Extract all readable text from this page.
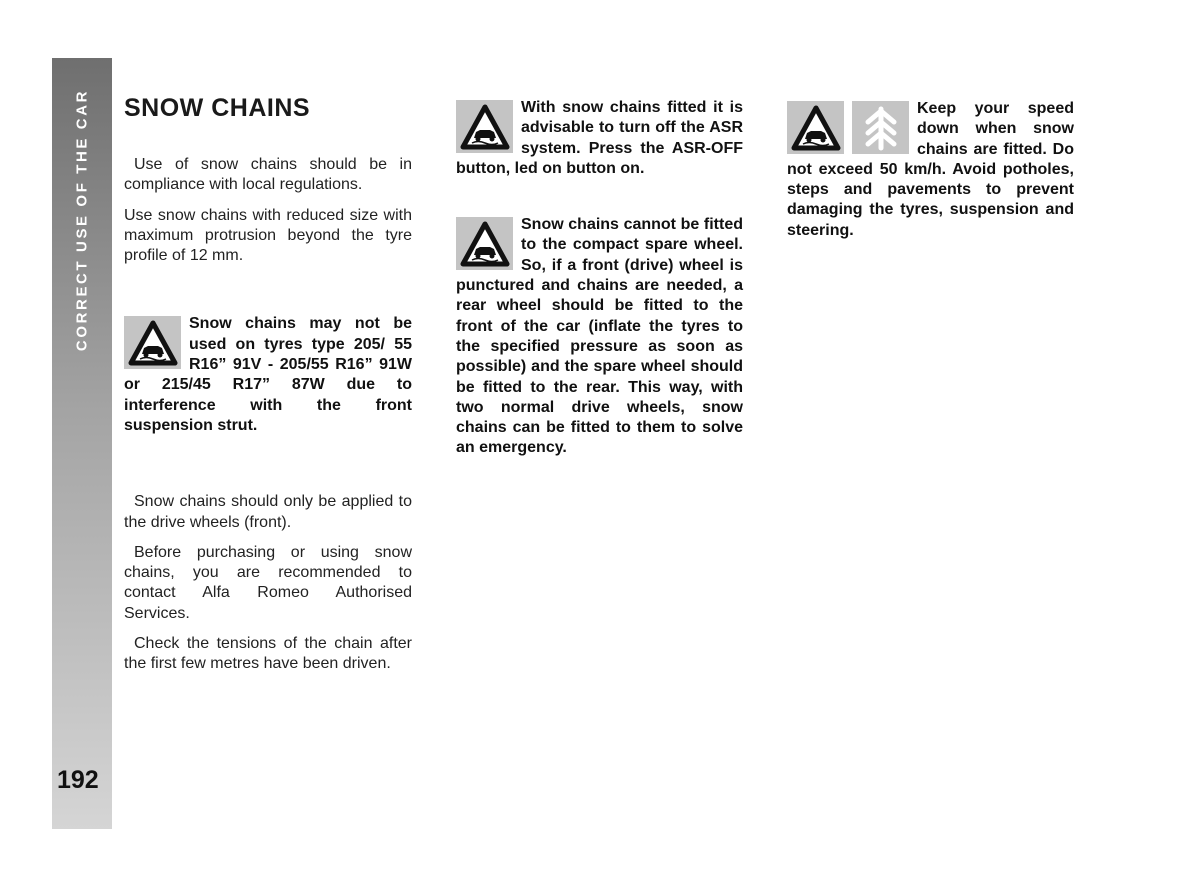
CORRECT USE OF THE CAR
192
SNOW CHAINS

Use of snow chains should be in compliance with local regulations.

Use snow chains with reduced size with maximum protrusion beyond the tyre profile of 12 mm.

Snow chains may not be used on tyres type 205/ 55 R16” 91V - 205/55 R16” 91W or 215/45 R17” 87W due to interference with the front suspension strut.

Snow chains should only be applied to the drive wheels (front).

Before purchasing or using snow chains, you are recommended to contact Alfa Romeo Authorised Services.

Check the tensions of the chain after the first few metres have been driven.

With snow chains fitted it is advisable to turn off the ASR system. Press the ASR-OFF button, led on button on.

Snow chains cannot be fitted to the compact spare wheel. So, if a front (drive) wheel is punctured and chains are needed, a rear wheel should be fitted to the front of the car (inflate the tyres to the specified pressure as soon as possible) and the spare wheel should be fitted to the rear. This way, with two normal drive wheels, snow chains can be fitted to them to solve an emergency.

Keep your speed down when snow chains are fitted. Do not exceed 50 km/h. Avoid potholes, steps and pavements to prevent damaging the tyres, suspension and steering.
